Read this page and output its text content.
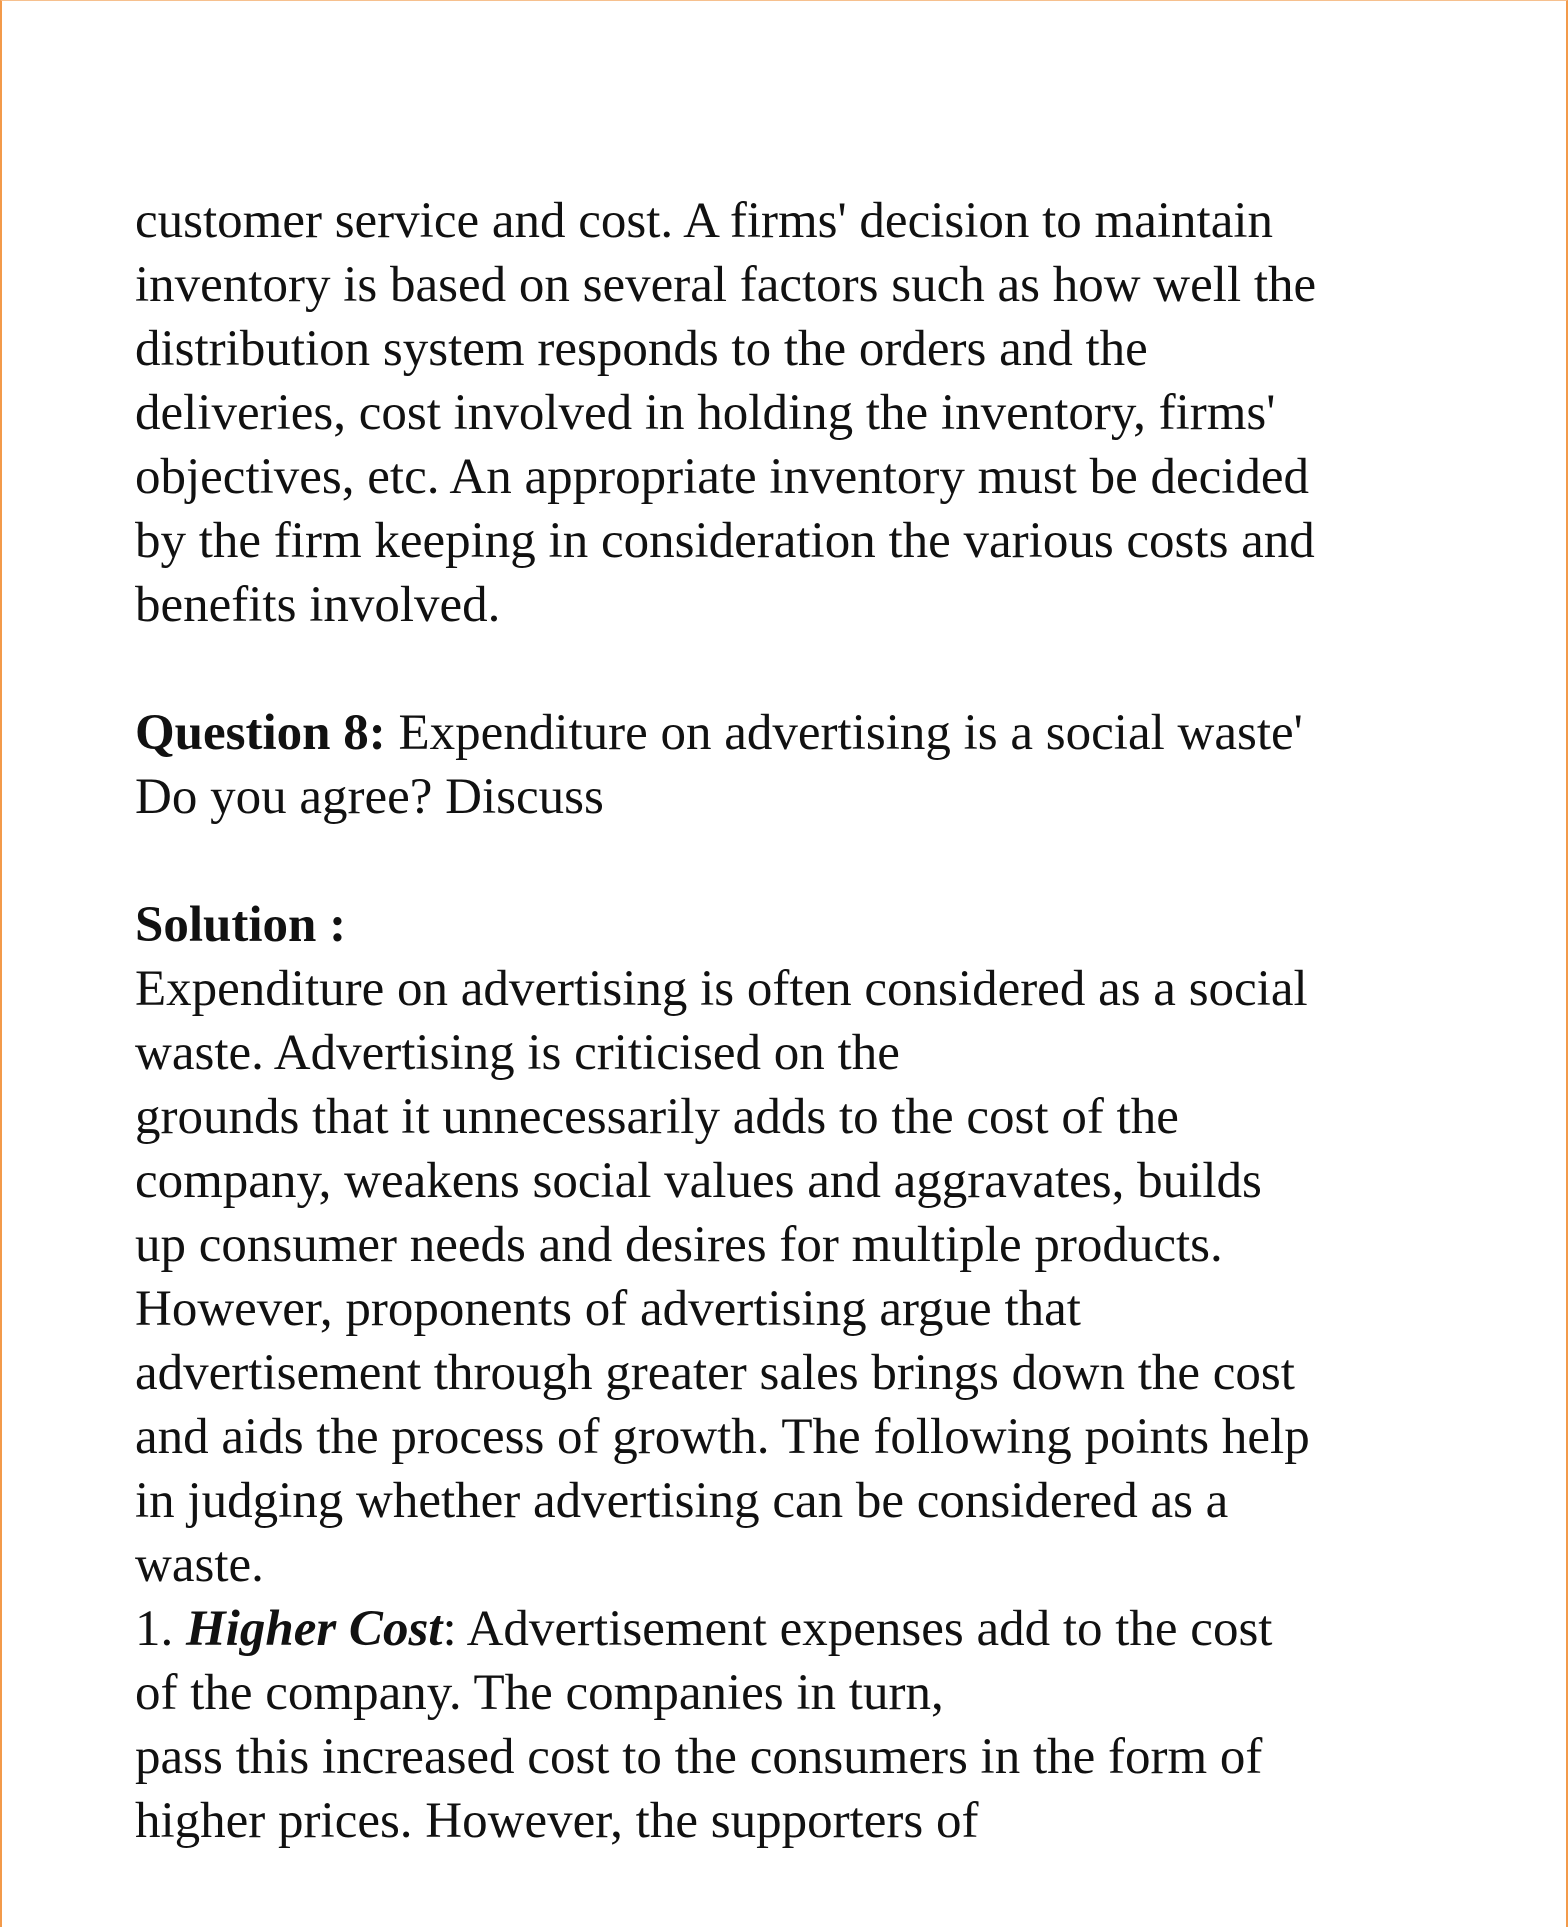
customer service and cost. A firms' decision to maintain
inventory is based on several factors such as how well the
distribution system responds to the orders and the
deliveries, cost involved in holding the inventory, firms'
objectives, etc. An appropriate inventory must be decided
by the firm keeping in consideration the various costs and
benefits involved.
Question 8: Expenditure on advertising is a social waste'
Do you agree? Discuss
Solution :
Expenditure on advertising is often considered as a social
waste. Advertising is criticised on the
grounds that it unnecessarily adds to the cost of the
company, weakens social values and aggravates, builds
up consumer needs and desires for multiple products.
However, proponents of advertising argue that
advertisement through greater sales brings down the cost
and aids the process of growth. The following points help
in judging whether advertising can be considered as a
waste.
1. Higher Cost: Advertisement expenses add to the cost
of the company. The companies in turn,
pass this increased cost to the consumers in the form of
higher prices. However, the supporters of
